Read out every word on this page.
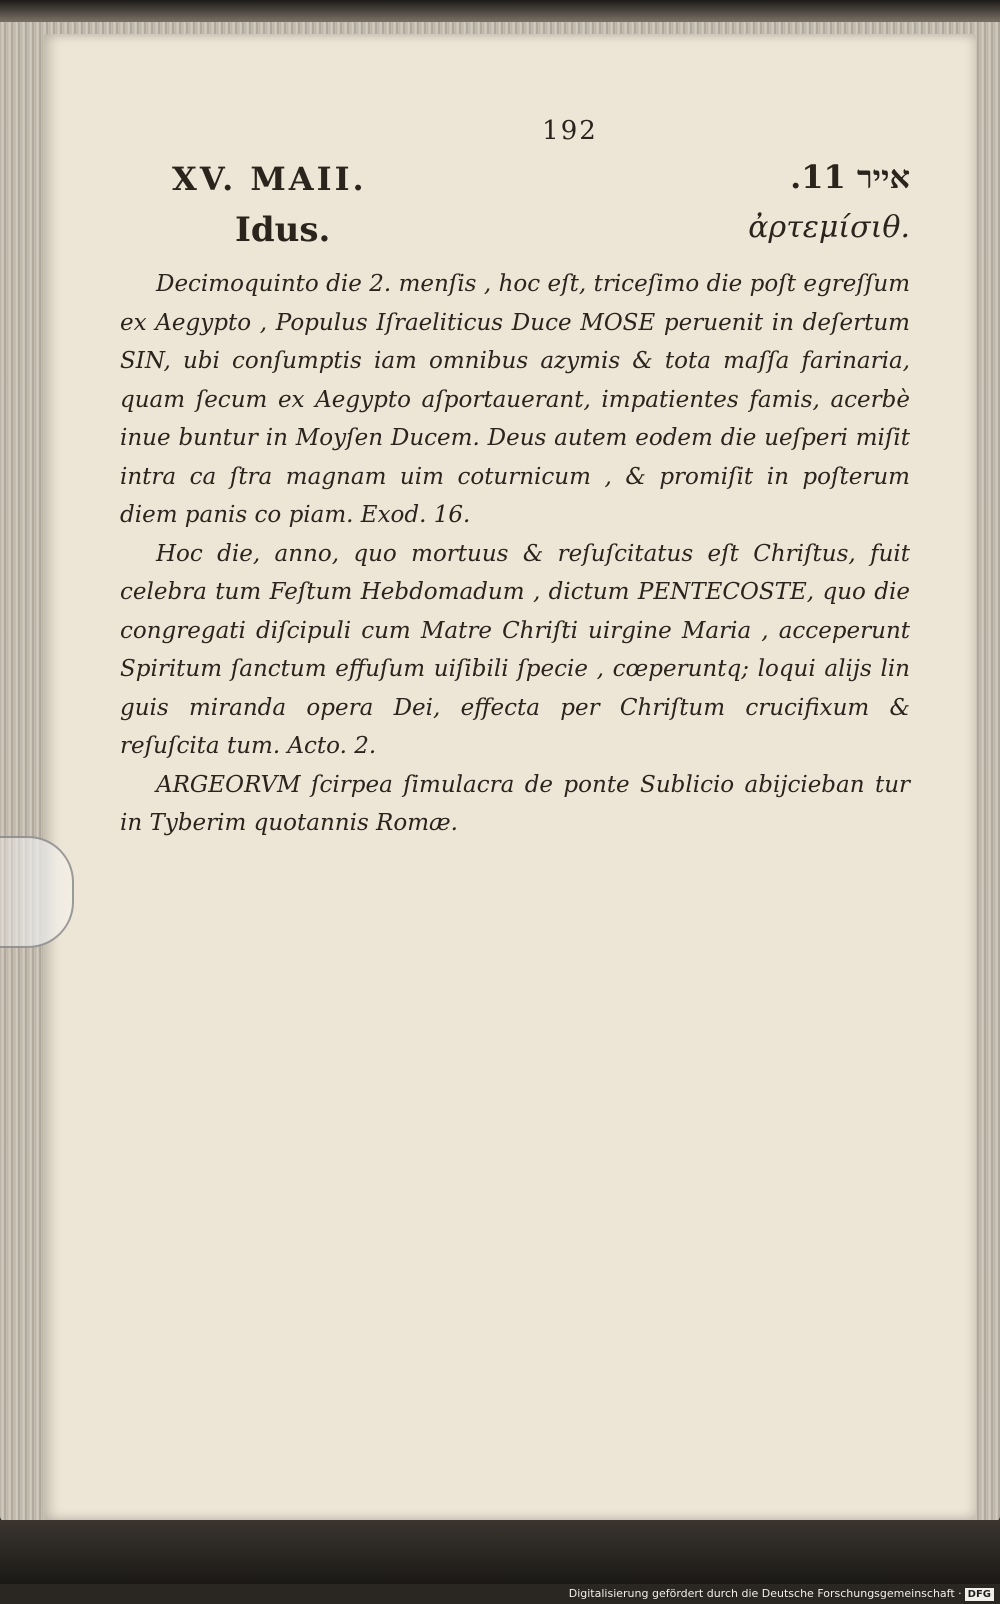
192
XV. MAII.
Idus.
אייר 11.
ἀρτεμίσιθ.

Decimoquinto die 2. menſis , hoc eſt, triceſimo die poſt egreſſum ex Aegypto , Populus Iſraeliticus Duce MOSE peruenit in deſertum SIN, ubi conſumptis iam omnibus azymis & tota maſſa farinaria, quam ſecum ex Aegypto aſportauerant, impatientes famis, acerbè inue buntur in Moyſen Ducem. Deus autem eodem die ueſperi miſit intra ca ſtra magnam uim coturnicum , & promiſit in poſterum diem panis co piam. Exod. 16.

Hoc die, anno, quo mortuus & reſuſcitatus eſt Chriſtus, fuit celebra tum Feſtum Hebdomadum , dictum PENTECOSTE, quo die congregati diſcipuli cum Matre Chriſti uirgine Maria , acceperunt Spiritum ſanctum effuſum uiſibili ſpecie , cœperuntq; loqui alijs lin guis miranda opera Dei, effecta per Chriſtum crucifixum & reſuſcita tum. Acto. 2.

ARGEORVM ſcirpea ſimulacra de ponte Sublicio abijcieban tur in Tyberim quotannis Romæ.

Digitalisierung gefördert durch die Deutsche Forschungsgemeinschaft · DFG
